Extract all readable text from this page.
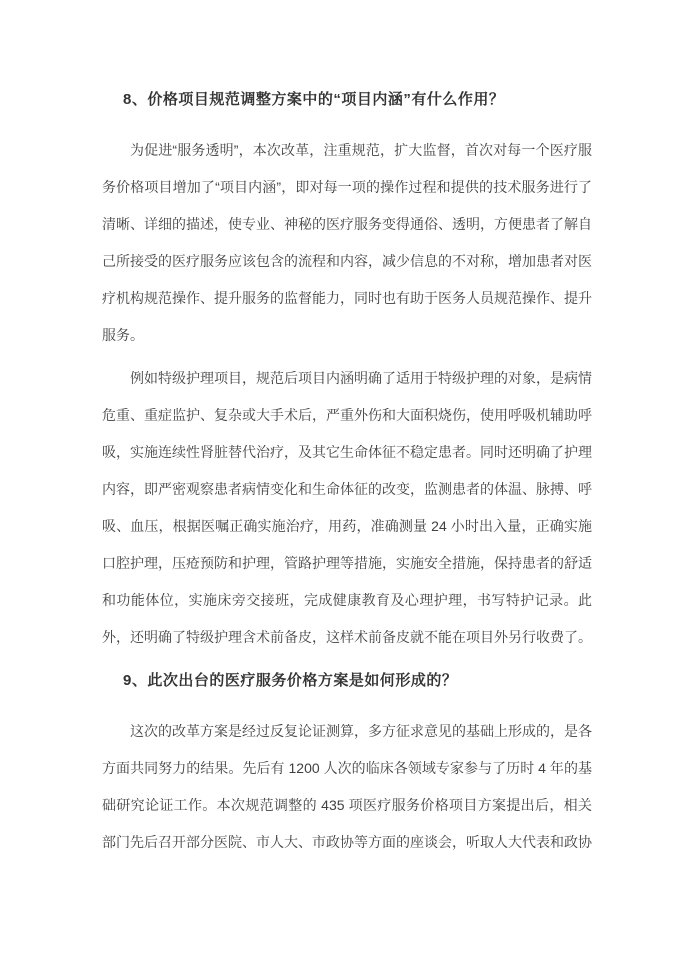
8、价格项目规范调整方案中的“项目内涵”有什么作用？

为促进“服务透明”，本次改革，注重规范，扩大监督，首次对每一个医疗服务价格项目增加了“项目内涵”，即对每一项的操作过程和提供的技术服务进行了清晰、详细的描述，使专业、神秘的医疗服务变得通俗、透明，方便患者了解自己所接受的医疗服务应该包含的流程和内容，减少信息的不对称，增加患者对医疗机构规范操作、提升服务的监督能力，同时也有助于医务人员规范操作、提升服务。

例如特级护理项目，规范后项目内涵明确了适用于特级护理的对象，是病情危重、重症监护、复杂或大手术后，严重外伤和大面积烧伤，使用呼吸机辅助呼吸，实施连续性肾脏替代治疗，及其它生命体征不稳定患者。同时还明确了护理内容，即严密观察患者病情变化和生命体征的改变，监测患者的体温、脉搏、呼吸、血压，根据医嘱正确实施治疗，用药，准确测量 24 小时出入量，正确实施口腔护理，压疮预防和护理，管路护理等措施，实施安全措施，保持患者的舒适和功能体位，实施床旁交接班，完成健康教育及心理护理，书写特护记录。此外，还明确了特级护理含术前备皮，这样术前备皮就不能在项目外另行收费了。

9、此次出台的医疗服务价格方案是如何形成的？

这次的改革方案是经过反复论证测算，多方征求意见的基础上形成的，是各方面共同努力的结果。先后有 1200 人次的临床各领域专家参与了历时 4 年的基础研究论证工作。本次规范调整的 435 项医疗服务价格项目方案提出后，相关部门先后召开部分医院、市人大、市政协等方面的座谈会，听取人大代表和政协
